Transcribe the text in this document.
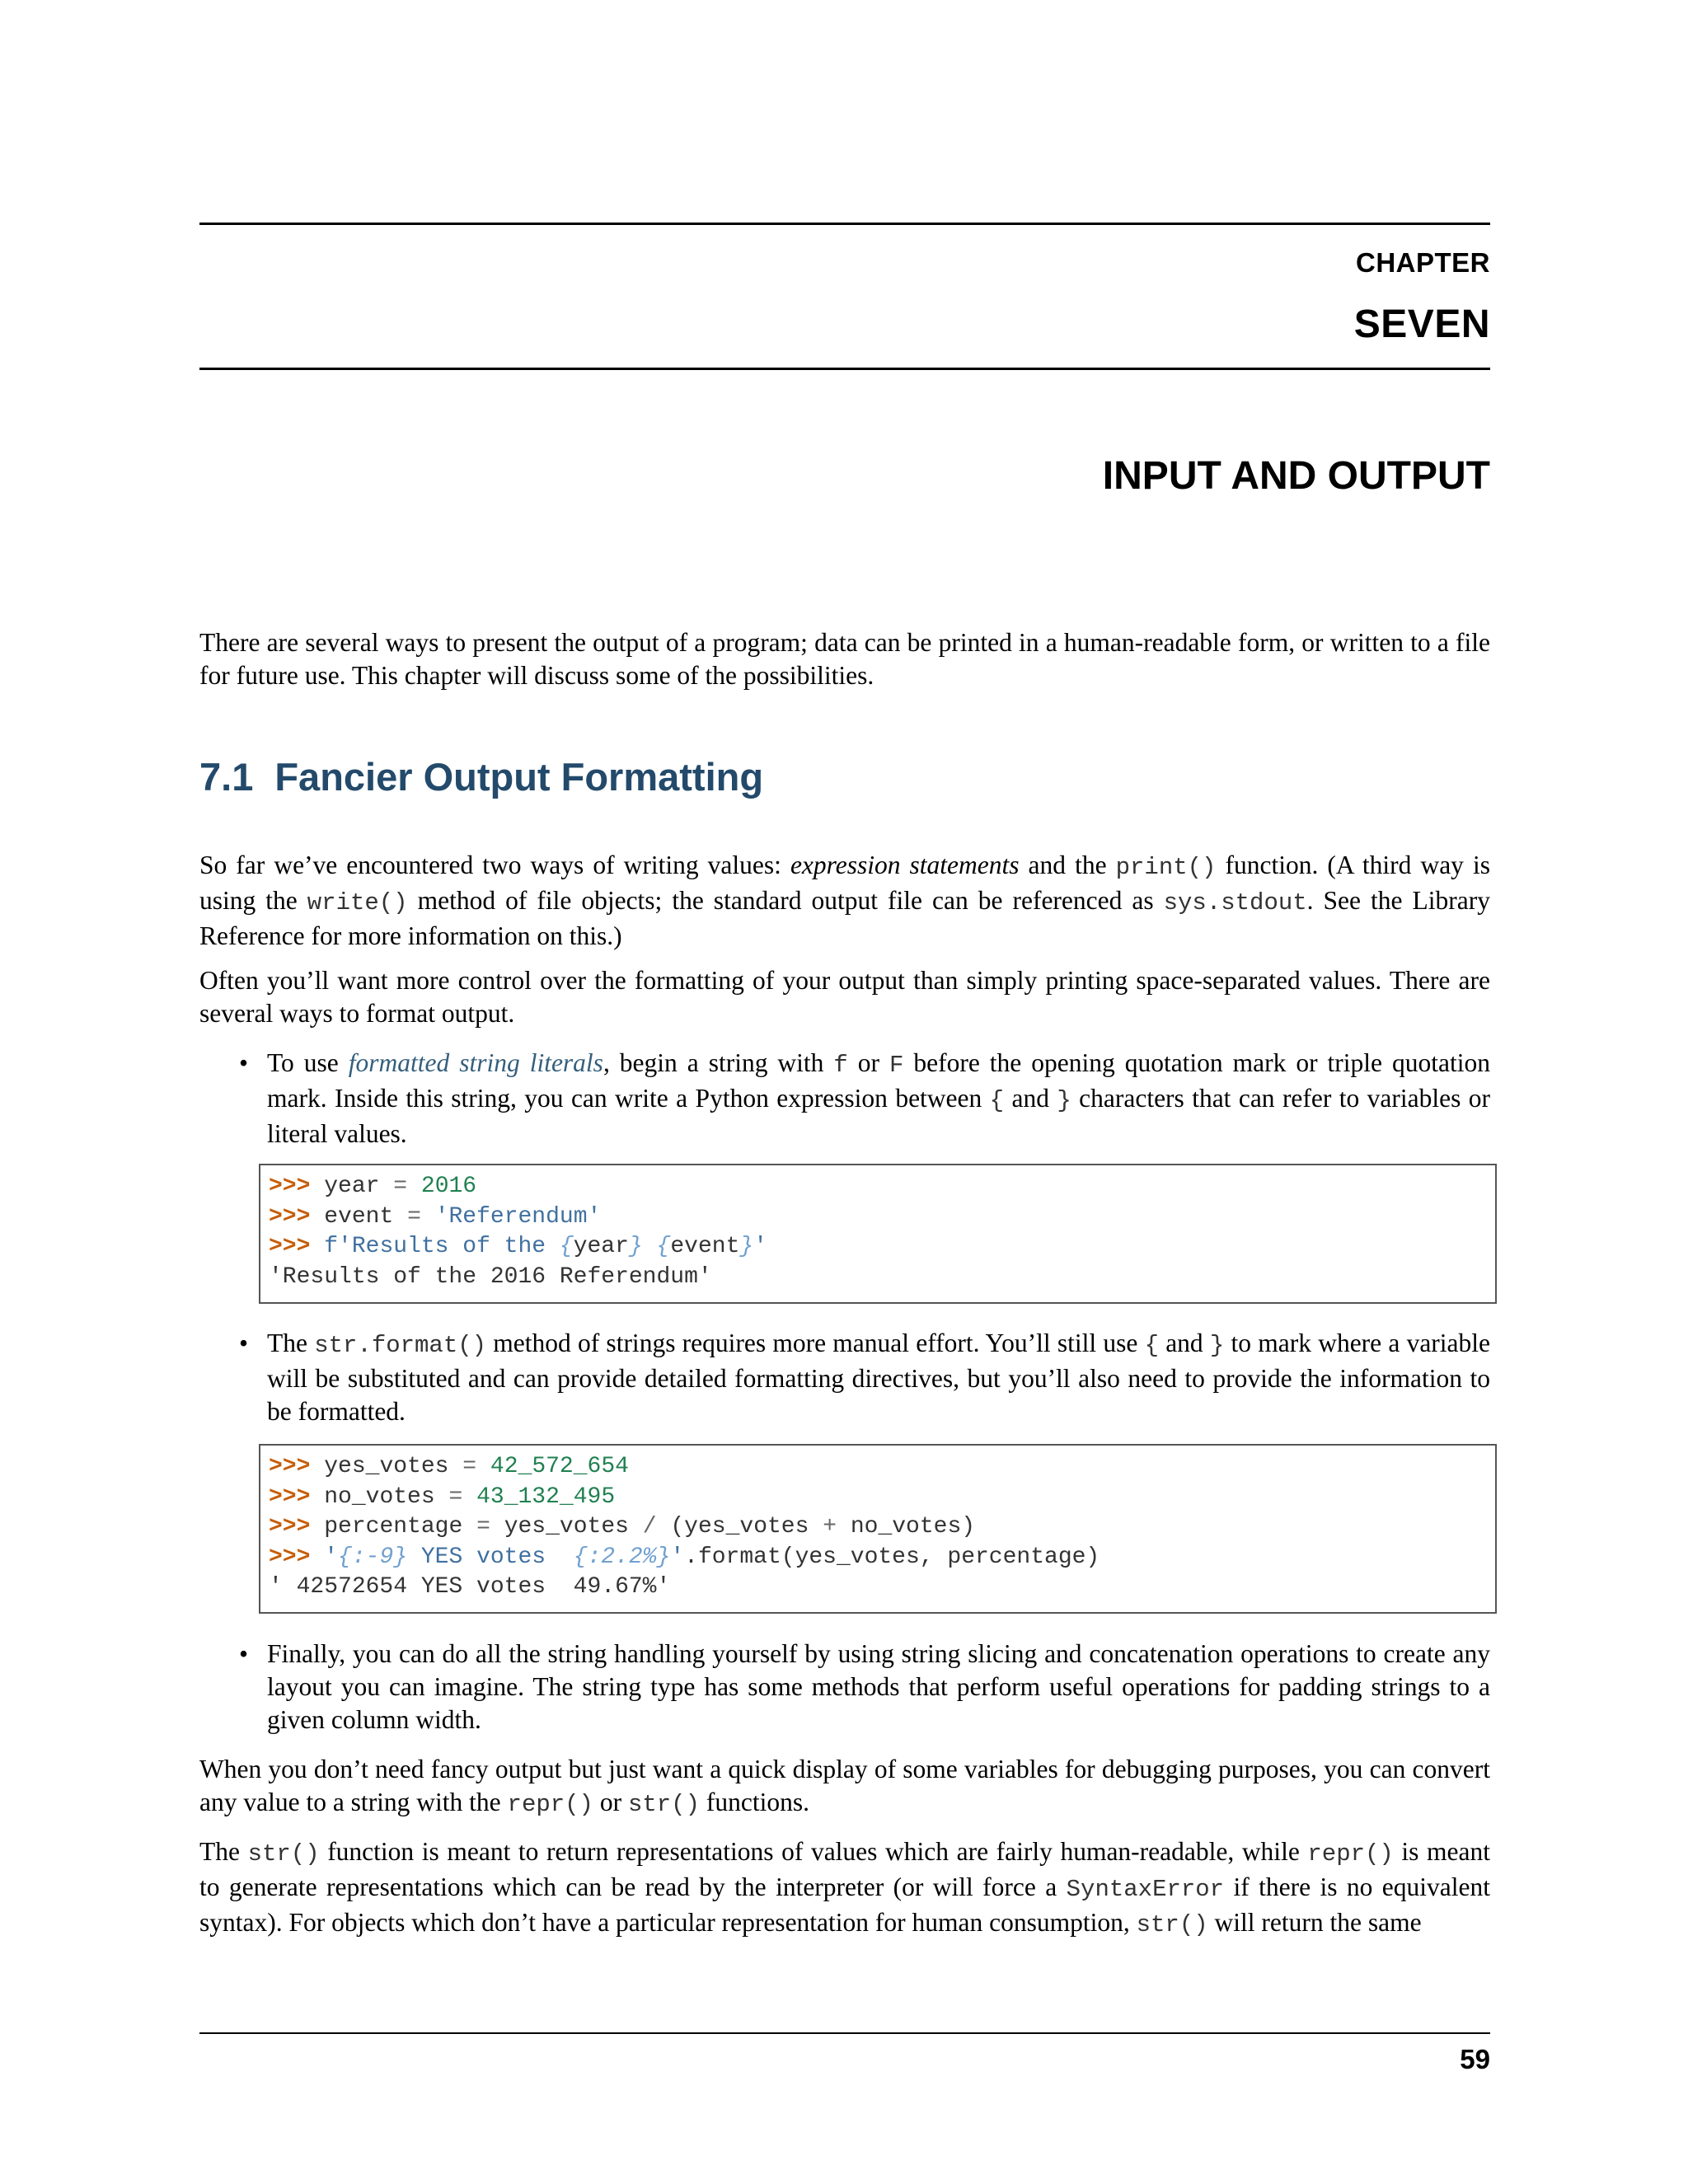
CHAPTER
SEVEN
INPUT AND OUTPUT

There are several ways to present the output of a program; data can be printed in a human-readable form, or written to a file for future use. This chapter will discuss some of the possibilities.

7.1 Fancier Output Formatting

So far we’ve encountered two ways of writing values: expression statements and the print() function. (A third way is using the write() method of file objects; the standard output file can be referenced as sys.stdout. See the Library Reference for more information on this.)

Often you’ll want more control over the formatting of your output than simply printing space-separated values. There are several ways to format output.

• To use formatted string literals, begin a string with f or F before the opening quotation mark or triple quotation mark. Inside this string, you can write a Python expression between { and } characters that can refer to variables or literal values.

>>> year = 2016
>>> event = 'Referendum'
>>> f'Results of the {year} {event}'
'Results of the 2016 Referendum'
• The str.format() method of strings requires more manual effort. You’ll still use { and } to mark where a variable will be substituted and can provide detailed formatting directives, but you’ll also need to provide the information to be formatted.

>>> yes_votes = 42_572_654
>>> no_votes = 43_132_495
>>> percentage = yes_votes / (yes_votes + no_votes)
>>> '{:-9} YES votes  {:2.2%}'.format(yes_votes, percentage)
' 42572654 YES votes  49.67%'
• Finally, you can do all the string handling yourself by using string slicing and concatenation operations to create any layout you can imagine. The string type has some methods that perform useful operations for padding strings to a given column width.

When you don’t need fancy output but just want a quick display of some variables for debugging purposes, you can convert any value to a string with the repr() or str() functions.

The str() function is meant to return representations of values which are fairly human-readable, while repr() is meant to generate representations which can be read by the interpreter (or will force a SyntaxError if there is no equivalent syntax). For objects which don’t have a particular representation for human consumption, str() will return the same

59
